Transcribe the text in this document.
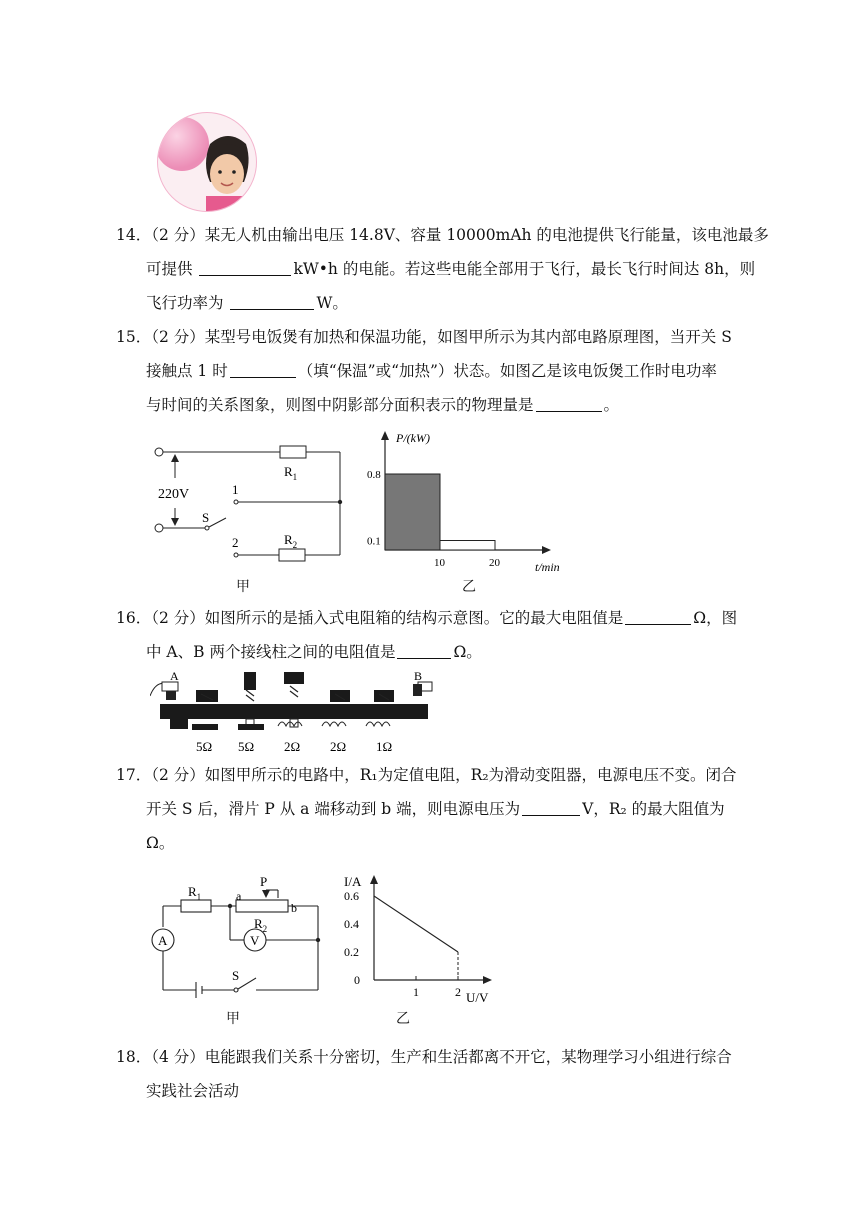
14．（2 分）某无人机由输出电压 14.8V、容量 10000mAh 的电池提供飞行能量，该电池最多
可提供	kW•h 的电能。若这些电能全部用于飞行，最长飞行时间达 8h，则
飞行功率为	W。
15．（2 分）某型号电饭煲有加热和保温功能，如图甲所示为其内部电路原理图，当开关 S
接触点 1 时	（填“保温”或“加热”）状态。如图乙是该电饭煲工作时电功率
与时间的关系图象，则图中阴影部分面积表示的物理量是	。
220V
S
1
2
$R_1$
$R_2$
甲
P/(kW)
t/min
0.8
0.1
10	20
乙
16．（2 分）如图所示的是插入式电阻箱的结构示意图。它的最大电阻值是	Ω，图
中 A、B 两个接线柱之间的电阻值是	Ω。
A	B
5Ω 5Ω 2Ω 2Ω 1Ω
17．（2 分）如图甲所示的电路中，R₁为定值电阻，R₂为滑动变阻器，电源电压不变。闭合
开关 S 后，滑片 P 从 a 端移动到 b 端，则电源电压为	V，R₂ 的最大阻值为
Ω。
A	V
$R_1$
$R_2$
P
a
b
S
甲
I/A
U/V
0.6
0.4
0.2
0
1	2
乙
18．（4 分）电能跟我们关系十分密切，生产和生活都离不开它，某物理学习小组进行综合
实践社会活动
